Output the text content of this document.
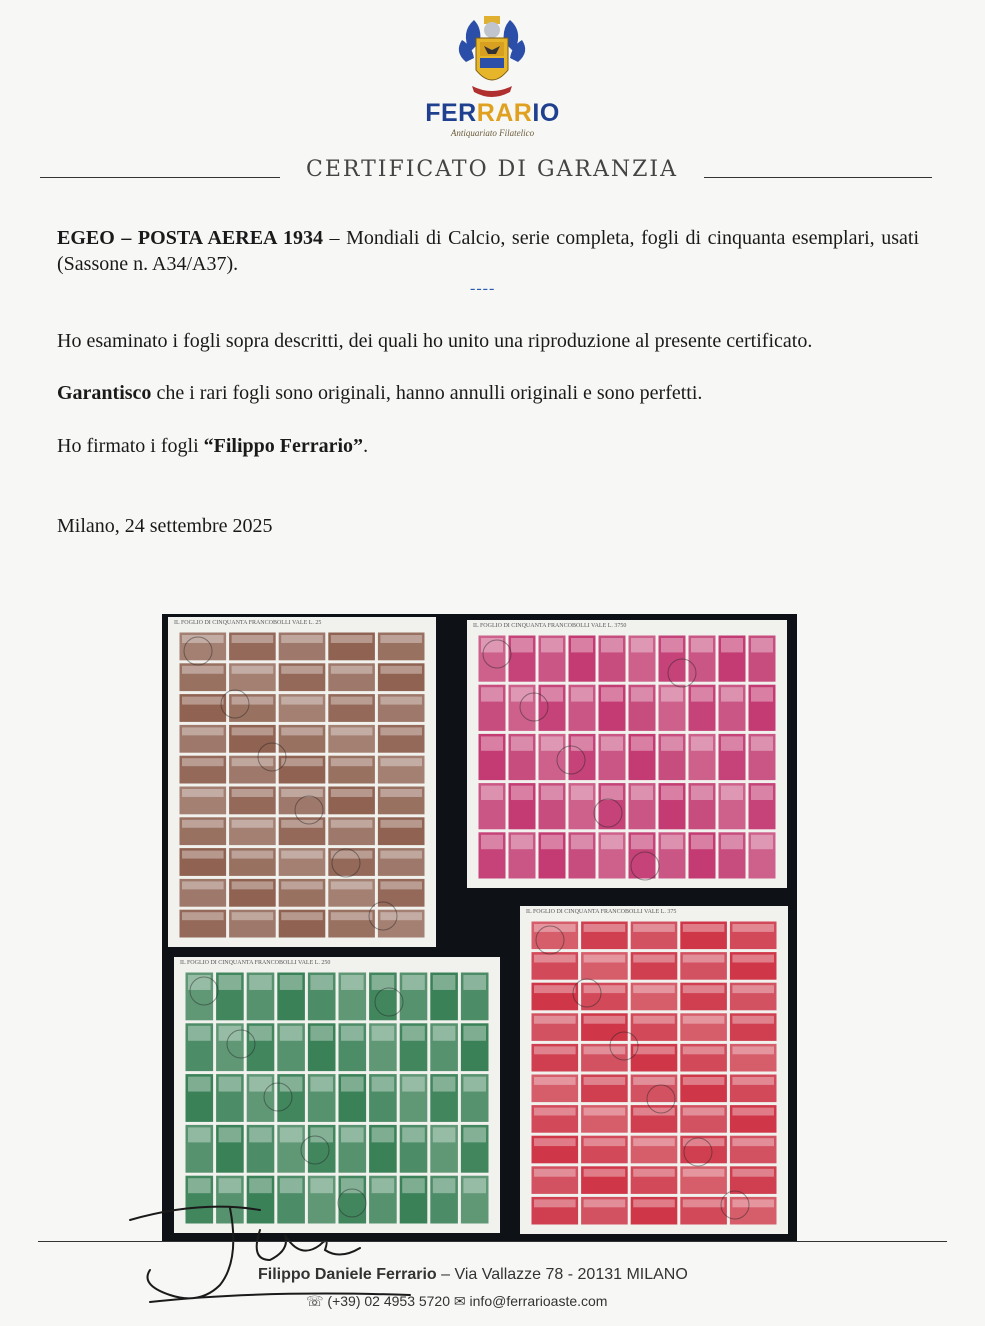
FERRARIO
Antiquariato Filatelico
CERTIFICATO DI GARANZIA
EGEO – POSTA AEREA 1934 – Mondiali di Calcio, serie completa, fogli di cinquanta esemplari, usati (Sassone n. A34/A37).
----
Ho esaminato i fogli sopra descritti, dei quali ho unito una riproduzione al presente certificato.
Garantisco che i rari fogli sono originali, hanno annulli originali e sono perfetti.
Ho firmato i fogli “Filippo Ferrario”.
Milano, 24 settembre 2025
IL FOGLIO DI CINQUANTA FRANCOBOLLI VALE L. 25	IL FOGLIO DI CINQUANTA FRANCOBOLLI VALE L. 3750
IL FOGLIO DI CINQUANTA FRANCOBOLLI VALE L. 250
IL FOGLIO DI CINQUANTA FRANCOBOLLI VALE L. 375
Filippo Daniele Ferrario – Via Vallazze 78 - 20131 MILANO
☏ (+39) 02 4953 5720 ✉ info@ferrarioaste.com
